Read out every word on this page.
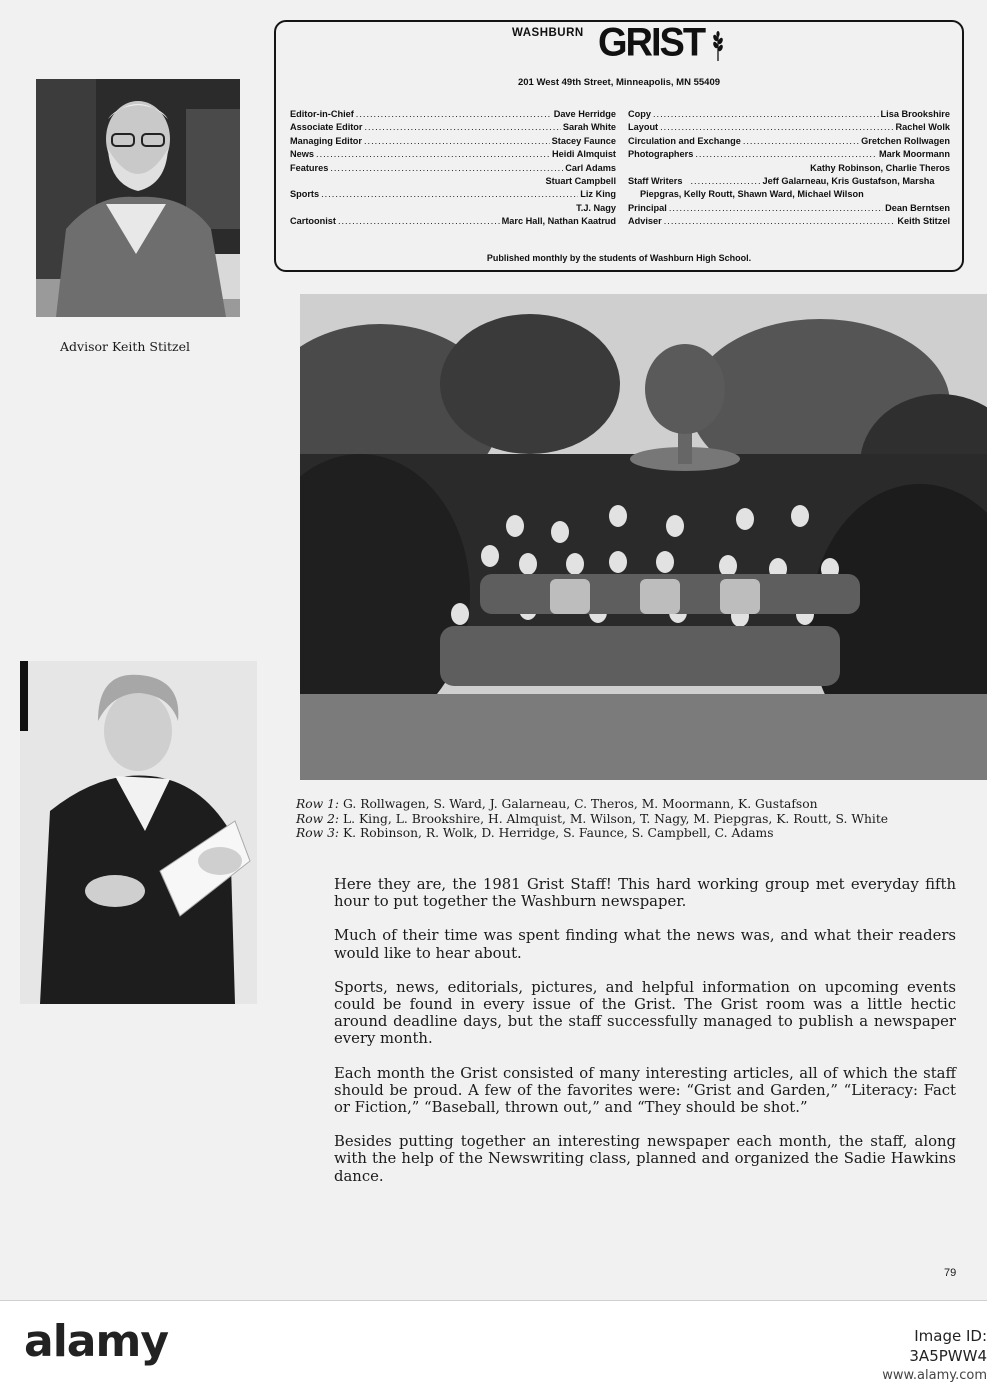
WASHBURN GRIST
201 West 49th Street, Minneapolis, MN 55409
Editor-in-Chief .....	Dave Herridge
Associate Editor .....	Sarah White
Managing Editor .....	Stacey Faunce
News .....	Heidi Almquist
Features .....	Carl Adams
Stuart Campbell
Sports .....	Liz King
T.J. Nagy
Cartoonist .....	Marc Hall, Nathan Kaatrud
Copy .....	Lisa Brookshire
Layout .....	Rachel Wolk
Circulation and Exchange .....	Gretchen Rollwagen
Photographers .....	Mark Moormann
Kathy Robinson, Charlie Theros
Staff Writers .....	Jeff Galarneau, Kris Gustafson, Marsha
Piepgras, Kelly Routt, Shawn Ward, Michael Wilson
Principal .....	Dean Berntsen
Adviser .....	Keith Stitzel
Published monthly by the students of Washburn High School.
Advisor Keith Stitzel
Row 1: G. Rollwagen, S. Ward, J. Galarneau, C. Theros, M. Moormann, K. Gustafson
Row 2: L. King, L. Brookshire, H. Almquist, M. Wilson, T. Nagy, M. Piepgras, K. Routt, S. White
Row 3: K. Robinson, R. Wolk, D. Herridge, S. Faunce, S. Campbell, C. Adams

Here they are, the 1981 Grist Staff! This hard working group met everyday fifth hour to put together the Washburn newspaper.

Much of their time was spent finding what the news was, and what their readers would like to hear about.

Sports, news, editorials, pictures, and helpful information on upcoming events could be found in every issue of the Grist. The Grist room was a little hectic around deadline days, but the staff successfully managed to publish a newspaper every month.

Each month the Grist consisted of many interesting articles, all of which the staff should be proud. A few of the favorites were: “Grist and Garden,” “Literacy: Fact or Fiction,” “Baseball, thrown out,” and “They should be shot.”

Besides putting together an interesting newspaper each month, the staff, along with the help of the Newswriting class, planned and organized the Sadie Hawkins dance.

79
alamy	Image ID: 3A5PWW4
www.alamy.com
